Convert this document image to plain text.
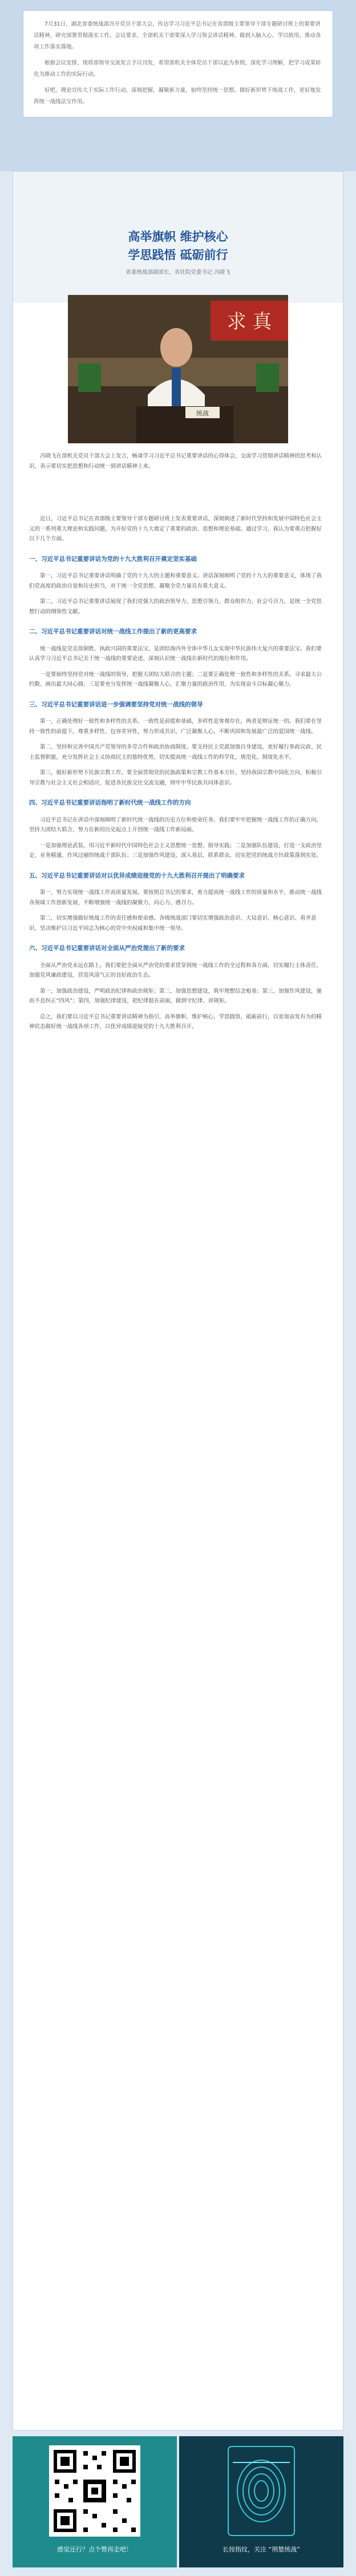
7月31日，湖北省委统战部召开党员干部大会，传达学习习近平总书记在省部级主要领导干部专题研讨班上的重要讲话精神，研究部署贯彻落实工作。会议要求，全部机关干部要深入学习领会讲话精神，做到入脑入心、学以致用，推动各项工作落实落地。

根据会议安排，现将部领导交流发言予以刊发，希望部机关全体党员干部以此为参照，深化学习理解，把学习成果转化为推动工作的实际行动。

好吧，理论宣传大于实际工作行动，深刻把握，凝聚新力量，始终坚持统一思想、做好新形势下统战工作，更好地发挥统一战线法宝作用。

高举旗帜 维护核心
学思践悟 砥砺前行
省委统战部副部长、省社院党委书记 冯晓飞
求 真
统战
冯晓飞在部机关党员干部大会上发言，畅谈学习习近平总书记重要讲话的心得体会，交流学习贯彻讲话精神的思考和认识，表示要切实把思想和行动统一到讲话精神上来。

近日，习近平总书记在省部级主要领导干部专题研讨班上发表重要讲话，深刻阐述了新时代坚持和发展中国特色社会主义的一系列重大理论和实践问题，为开好党的十九大奠定了重要的政治、思想和理论基础。通过学习，我认为要重点把握好以下几个方面。

一、习近平总书记重要讲话为党的十九大胜利召开奠定坚实基础

第一，习近平总书记重要讲话明确了党的十九大的主题和重要意义。讲话深刻阐明了党的十九大的重要意义，体现了我们党高度的政治自觉和历史担当，对于统一全党思想、凝聚全党力量具有重大意义。

第二，习近平总书记重要讲话展现了我们党强大的政治领导力、思想引领力、群众组织力、社会号召力，是统一全党思想行动的纲领性文献。

二、习近平总书记重要讲话对统一战线工作提出了新的更高要求

统一战线是党克敌制胜、执政兴国的重要法宝，是团结海内外全体中华儿女实现中华民族伟大复兴的重要法宝。我们要认真学习习近平总书记关于统一战线的重要论述，深刻认识统一战线在新时代的地位和作用。

一是要始终坚持党对统一战线的领导，把握大团结大联合的主题；二是要正确处理一致性和多样性的关系，寻求最大公约数、画出最大同心圆；三是要充分发挥统一战线凝聚人心、汇聚力量的政治作用，为实现奋斗目标凝心聚力。

三、习近平总书记重要讲话进一步强调要坚持党对统一战线的领导

第一，正确处理好一致性和多样性的关系。一致性是前提和基础，多样性是客观存在，两者是辩证统一的。我们要在坚持一致性的前提下，尊重多样性、包容差异性，努力形成共识，广泛凝聚人心，不断巩固和发展最广泛的爱国统一战线。

第二，坚持和完善中国共产党领导的多党合作和政治协商制度。要支持民主党派加强自身建设，更好履行参政议政、民主监督职能，充分发挥社会主义协商民主的独特优势，切实提高统一战线工作的科学化、规范化、制度化水平。

第三，做好新形势下民族宗教工作。要全面贯彻党的民族政策和宗教工作基本方针，坚持我国宗教中国化方向，积极引导宗教与社会主义社会相适应，促进各民族交往交流交融，铸牢中华民族共同体意识。

四、习近平总书记重要讲话指明了新时代统一战线工作的方向

习近平总书记在讲话中深刻阐明了新时代统一战线的历史方位和使命任务。我们要牢牢把握统一战线工作的正确方向，坚持大团结大联合，努力在新的历史起点上开创统一战线工作新局面。

一是加强理论武装，用习近平新时代中国特色社会主义思想统一思想、指导实践；二是加强队伍建设，打造一支政治坚定、业务精通、作风过硬的统战干部队伍；三是加强作风建设，深入基层、联系群众，切实把党的统战方针政策落到实处。

五、习近平总书记重要讲话对以优异成绩迎接党的十九大胜利召开提出了明确要求

第一，努力实现统一战线工作高质量发展。要按照总书记的要求，着力提高统一战线工作的质量和水平，推动统一战线各领域工作创新发展，不断增强统一战线的凝聚力、向心力、感召力。

第二，切实增强做好统战工作的责任感和使命感。各级统战部门要切实增强政治意识、大局意识、核心意识、看齐意识，坚决维护以习近平同志为核心的党中央权威和集中统一领导。

六、习近平总书记重要讲话对全面从严治党提出了新的要求

全面从严治党永远在路上。我们要把全面从严治党的要求贯穿到统一战线工作的全过程和各方面，切实履行主体责任，加强党风廉政建设，营造风清气正的良好政治生态。

第一，加强政治建设，严明政治纪律和政治规矩；第二，加强思想建设，筑牢理想信念根基；第三，加强作风建设，驰而不息纠正“四风”；第四，加强纪律建设，把纪律挺在前面，做到守纪律、讲规矩。

总之，我们要以习近平总书记重要讲话精神为指引，高举旗帜、维护核心，学思践悟、砥砺前行，以更加奋发有为的精神状态做好统一战线各项工作，以优异成绩迎接党的十九大胜利召开。

感觉还行？点个赞再走吧！	长按指纹，关注 “荆楚统战”
